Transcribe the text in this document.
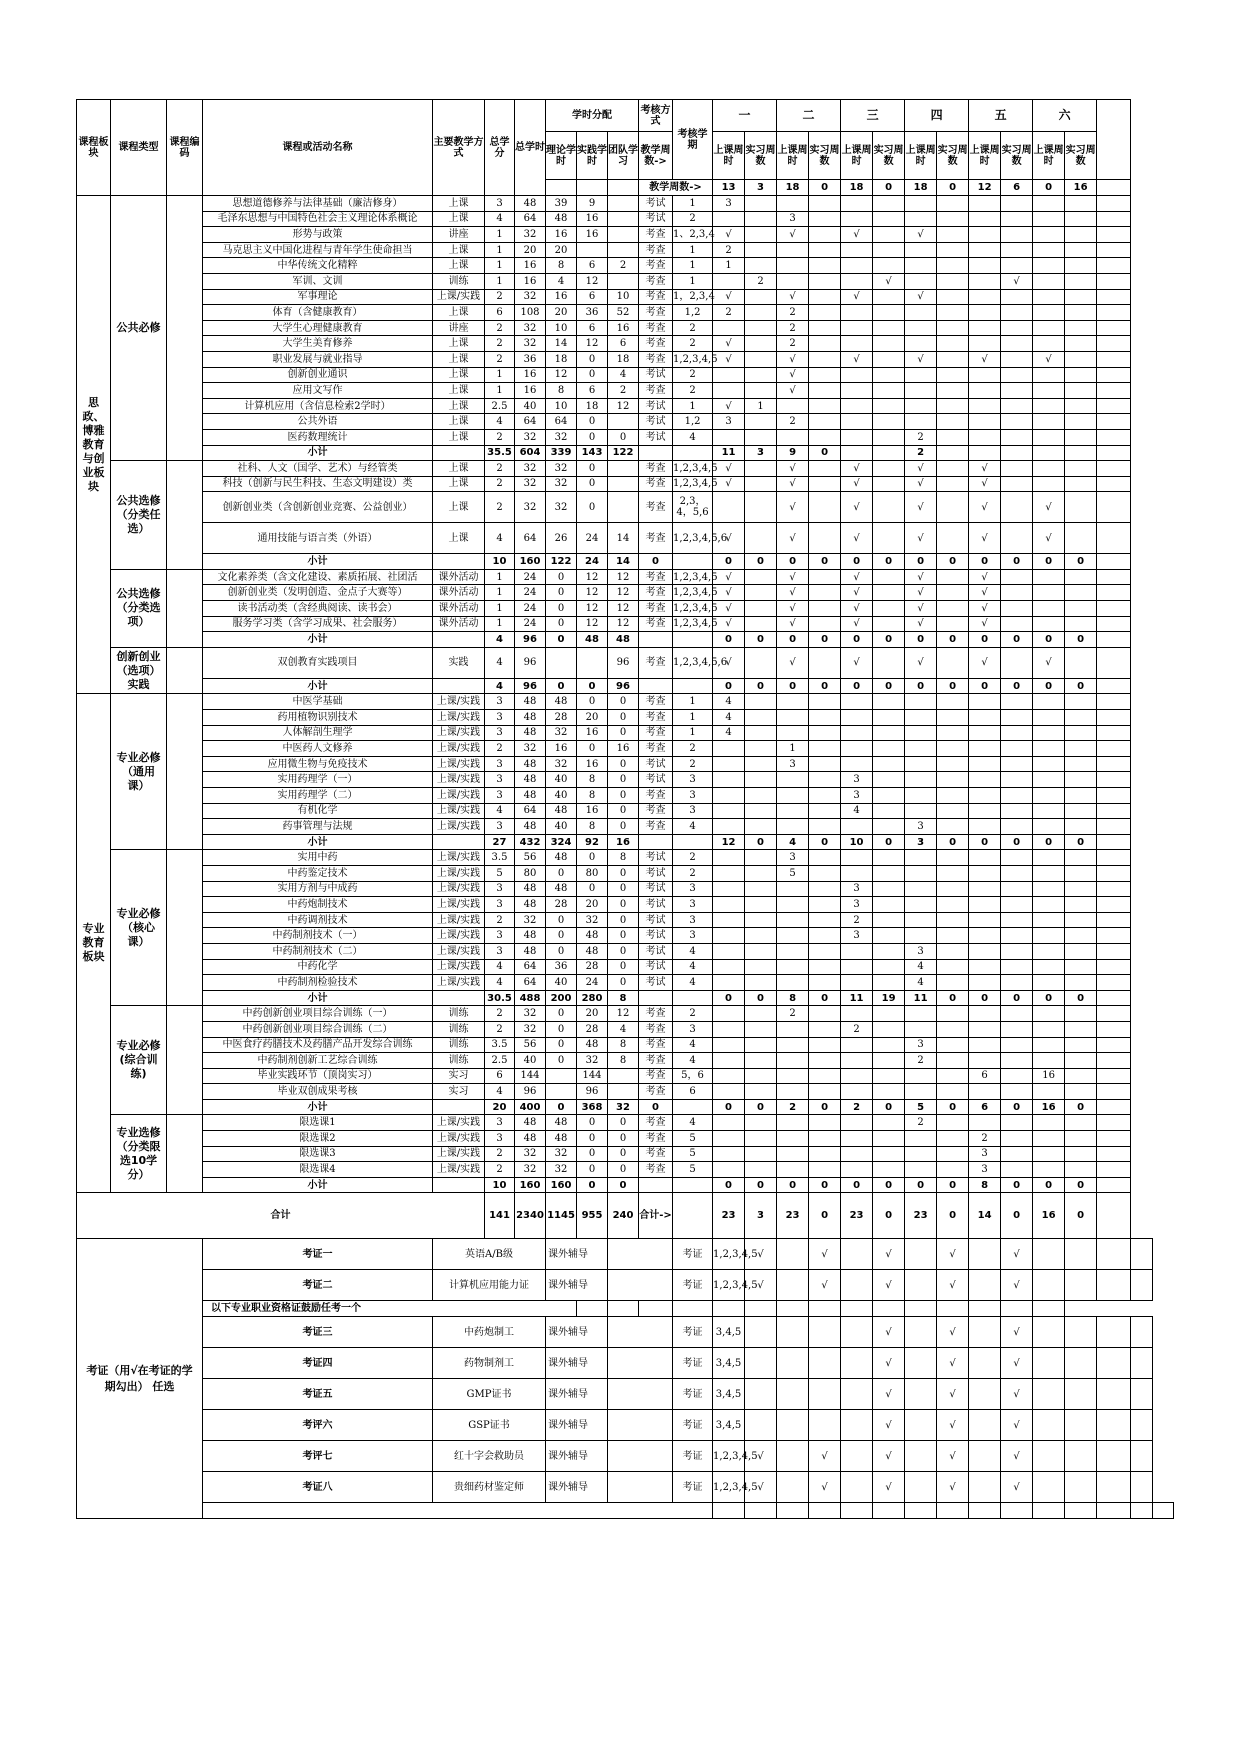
课程板块	课程类型	课程编码	课程或活动名称	主要教学方式	总学分	总学时	学时分配			考核方式	考核学期	一		二		三		四		五		六				
							理论学时	实践学时	团队学习	教学周数->		上课周时	实习周数	上课周时	实习周数	上课周时	实习周数	上课周时	实习周数	上课周时	实习周数	上课周时	实习周数			
										教学周数->		13	3	18	0	18	0	18	0	12	6	0	16			
思政、博雅教育与创业板块	公共必修		思想道德修养与法律基础（廉洁修身）	上课	3	48	39	9		考试	1	3														
			毛泽东思想与中国特色社会主义理论体系概论	上课	4	64	48	16		考试	2			3												
			形势与政策	讲座	1	32	16	16		考查	1、2,3,4	√		√		√		√								
			马克思主义中国化进程与青年学生使命担当	上课	1	20	20			考查	1	2														
			中华传统文化精粹	上课	1	16	8	6	2	考查	1	1														
			军训、文训	训练	1	16	4	12		考查	1		2				√				√					
			军事理论	上课/实践	2	32	16	6	10	考查	1，2,3,4	√		√		√		√								
			体育（含健康教育）	上课	6	108	20	36	52	考查	1,2	2		2												
			大学生心理健康教育	讲座	2	32	10	6	16	考查	2			2												
			大学生美育修养	上课	2	32	14	12	6	考查	2	√		2												
			职业发展与就业指导	上课	2	36	18	0	18	考查	1,2,3,4,5	√		√		√		√		√		√				
			创新创业通识	上课	1	16	12	0	4	考试	2			√												
			应用文写作	上课	1	16	8	6	2	考查	2			√												
			计算机应用（含信息检索2学时）	上课	2.5	40	10	18	12	考试	1	√	1													
			公共外语	上课	4	64	64	0		考试	1,2	3		2												
			医药数理统计	上课	2	32	32	0	0	考试	4							2								
			小计		35.5	604	339	143	122			11	3	9	0			2								
	公共选修（分类任选）		社科、人文（国学、艺术）与经管类	上课	2	32	32	0		考查	1,2,3,4,5	√		√		√		√		√						
			科技（创新与民生科技、生态文明建设）类	上课	2	32	32	0		考查	1,2,3,4,5	√		√		√		√		√						
			创新创业类（含创新创业竞赛、公益创业）	上课	2	32	32	0		考查	2,3，4，5,6			√		√		√		√		√				
			通用技能与语言类（外语）	上课	4	64	26	24	14	考查	1,2,3,4,5,6	√		√		√		√		√		√				
			小计		10	160	122	24	14	0		0	0	0	0	0	0	0	0	0	0	0	0			
	公共选修（分类选项）		文化素养类（含文化建设、素质拓展、社团活	课外活动	1	24	0	12	12	考查	1,2,3,4,5	√		√		√		√		√						
			创新创业类（发明创造、金点子大赛等）	课外活动	1	24	0	12	12	考查	1,2,3,4,5	√		√		√		√		√						
			读书活动类（含经典阅读、读书会）	课外活动	1	24	0	12	12	考查	1,2,3,4,5	√		√		√		√		√						
			服务学习类（含学习成果、社会服务）	课外活动	1	24	0	12	12	考查	1,2,3,4,5	√		√		√		√		√						
			小计		4	96	0	48	48			0	0	0	0	0	0	0	0	0	0	0	0			
	创新创业（选项）实践		双创教育实践项目	实践	4	96			96	考查	1,2,3,4,5,6	√		√		√		√		√		√				
			小计		4	96	0	0	96			0	0	0	0	0	0	0	0	0	0	0	0			
专业教育板块	专业必修（通用课）		中医学基础	上课/实践	3	48	48	0	0	考查	1	4														
			药用植物识别技术	上课/实践	3	48	28	20	0	考查	1	4														
			人体解剖生理学	上课/实践	3	48	32	16	0	考查	1	4														
			中医药人文修养	上课/实践	2	32	16	0	16	考查	2			1												
			应用微生物与免疫技术	上课/实践	3	48	32	16	0	考试	2			3												
			实用药理学（一）	上课/实践	3	48	40	8	0	考试	3					3										
			实用药理学（二）	上课/实践	3	48	40	8	0	考查	3					3										
			有机化学	上课/实践	4	64	48	16	0	考查	3					4										
			药事管理与法规	上课/实践	3	48	40	8	0	考查	4							3								
			小计		27	432	324	92	16			12	0	4	0	10	0	3	0	0	0	0	0			
	专业必修（核心课）		实用中药	上课/实践	3.5	56	48	0	8	考试	2			3												
			中药鉴定技术	上课/实践	5	80	0	80	0	考试	2			5												
			实用方剂与中成药	上课/实践	3	48	48	0	0	考试	3					3										
			中药炮制技术	上课/实践	3	48	28	20	0	考试	3					3										
			中药调剂技术	上课/实践	2	32	0	32	0	考试	3					2										
			中药制剂技术（一）	上课/实践	3	48	0	48	0	考试	3					3										
			中药制剂技术（二）	上课/实践	3	48	0	48	0	考试	4							3								
			中药化学	上课/实践	4	64	36	28	0	考试	4							4								
			中药制剂检验技术	上课/实践	4	64	40	24	0	考试	4							4								
			小计		30.5	488	200	280	8			0	0	8	0	11	19	11	0	0	0	0	0			
	专业必修(综合训练)		中药创新创业项目综合训练（一）	训练	2	32	0	20	12	考查	2			2												
			中药创新创业项目综合训练（二）	训练	2	32	0	28	4	考查	3					2										
			中医食疗药膳技术及药膳产品开发综合训练	训练	3.5	56	0	48	8	考查	4							3								
			中药制剂创新工艺综合训练	训练	2.5	40	0	32	8	考查	4							2								
			毕业实践环节（顶岗实习）	实习	6	144		144		考查	5，6									6		16				
			毕业双创成果考核	实习	4	96		96		考查	6															
			小计		20	400	0	368	32	0		0	0	2	0	2	0	5	0	6	0	16	0			
	专业选修（分类限选10学分）		限选课1	上课/实践	3	48	48	0	0	考查	4							2								
			限选课2	上课/实践	3	48	48	0	0	考查	5									2						
			限选课3	上课/实践	2	32	32	0	0	考查	5									3						
			限选课4	上课/实践	2	32	32	0	0	考查	5									3						
			小计		10	160	160	0	0			0	0	0	0	0	0	0	0	8	0	0	0			
合计					141	2340	1145	955	240	合计->		23	3	23	0	23	0	23	0	14	0	16	0			
考证（用√在考证的学期勾出） 任选			考证一	英语A/B级			课外辅导				考证	1,2,3,4,5	√		√		√		√		√					
			考证二	计算机应用能力证			课外辅导				考证	1,2,3,4,5	√		√		√		√		√					
			以下专业职业资格证鼓励任考一个																							
			考证三	中药炮制工			课外辅导				考证	3,4,5					√		√		√					
			考证四	药物制剂工			课外辅导				考证	3,4,5					√		√		√					
			考证五	GMP证书			课外辅导				考证	3,4,5					√		√		√					
			考评六	GSP证书			课外辅导				考证	3,4,5					√		√		√					
			考评七	红十字会救助员			课外辅导				考证	1,2,3,4,5	√		√		√		√		√					
			考证八	贵细药材鉴定师			课外辅导				考证	1,2,3,4,5	√		√		√		√		√					
